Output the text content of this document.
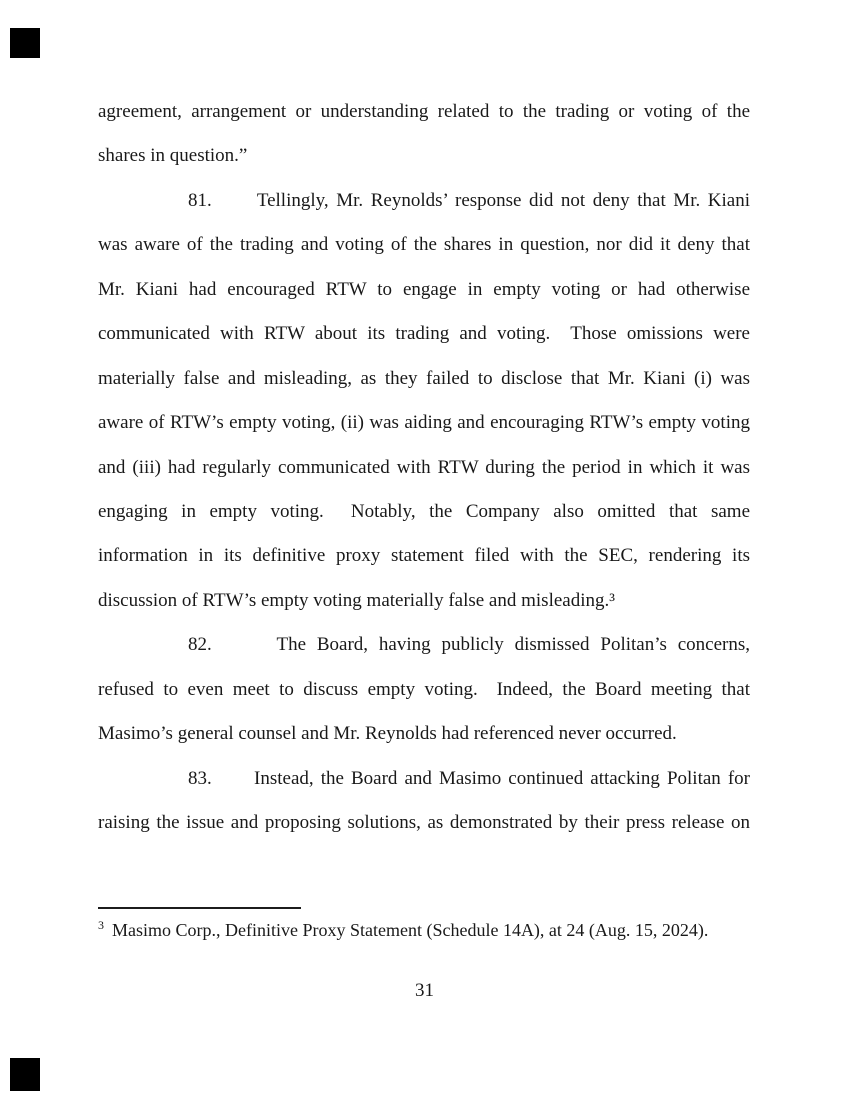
agreement, arrangement or understanding related to the trading or voting of the

shares in question.”

81.      Tellingly, Mr. Reynolds’ response did not deny that Mr. Kiani

was aware of the trading and voting of the shares in question, nor did it deny that

Mr. Kiani had encouraged RTW to engage in empty voting or had otherwise

communicated with RTW about its trading and voting.  Those omissions were

materially false and misleading, as they failed to disclose that Mr. Kiani (i) was

aware of RTW’s empty voting, (ii) was aiding and encouraging RTW’s empty voting

and (iii) had regularly communicated with RTW during the period in which it was

engaging in empty voting.  Notably, the Company also omitted that same

information in its definitive proxy statement filed with the SEC, rendering its

discussion of RTW’s empty voting materially false and misleading.³

82.      The Board, having publicly dismissed Politan’s concerns,

refused to even meet to discuss empty voting.  Indeed, the Board meeting that

Masimo’s general counsel and Mr. Reynolds had referenced never occurred.

83.      Instead, the Board and Masimo continued attacking Politan for

raising the issue and proposing solutions, as demonstrated by their press release on

$^3$ Masimo Corp., Definitive Proxy Statement (Schedule 14A), at 24 (Aug. 15, 2024).
31
